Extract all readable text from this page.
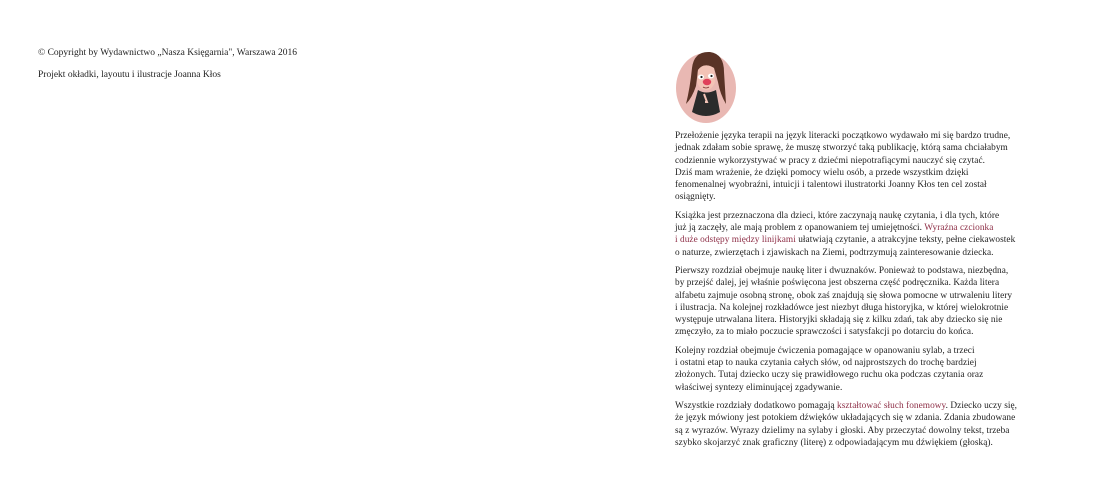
© Copyright by Wydawnictwo „Nasza Księgarnia", Warszawa 2016
Projekt okładki, layoutu i ilustracje Joanna Kłos

Przełożenie języka terapii na język literacki początkowo wydawało mi się bardzo trudne,
jednak zdałam sobie sprawę, że muszę stworzyć taką publikację, którą sama chciałabym
codziennie wykorzystywać w pracy z dziećmi niepotrafiącymi nauczyć się czytać.
Dziś mam wrażenie, że dzięki pomocy wielu osób, a przede wszystkim dzięki
fenomenalnej wyobraźni, intuicji i talentowi ilustratorki Joanny Kłos ten cel został
osiągnięty.

Książka jest przeznaczona dla dzieci, które zaczynają naukę czytania, i dla tych, które
już ją zaczęły, ale mają problem z opanowaniem tej umiejętności. Wyraźna czcionka
i duże odstępy między linijkami ułatwiają czytanie, a atrakcyjne teksty, pełne ciekawostek
o naturze, zwierzętach i zjawiskach na Ziemi, podtrzymują zainteresowanie dziecka.

Pierwszy rozdział obejmuje naukę liter i dwuznaków. Ponieważ to podstawa, niezbędna,
by przejść dalej, jej właśnie poświęcona jest obszerna część podręcznika. Każda litera
alfabetu zajmuje osobną stronę, obok zaś znajdują się słowa pomocne w utrwaleniu litery
i ilustracja. Na kolejnej rozkładówce jest niezbyt długa historyjka, w której wielokrotnie
występuje utrwalana litera. Historyjki składają się z kilku zdań, tak aby dziecko się nie
zmęczyło, za to miało poczucie sprawczości i satysfakcji po dotarciu do końca.

Kolejny rozdział obejmuje ćwiczenia pomagające w opanowaniu sylab, a trzeci
i ostatni etap to nauka czytania całych słów, od najprostszych do trochę bardziej
złożonych. Tutaj dziecko uczy się prawidłowego ruchu oka podczas czytania oraz
właściwej syntezy eliminującej zgadywanie.

Wszystkie rozdziały dodatkowo pomagają kształtować słuch fonemowy. Dziecko uczy się,
że język mówiony jest potokiem dźwięków układających się w zdania. Zdania zbudowane
są z wyrazów. Wyrazy dzielimy na sylaby i głoski. Aby przeczytać dowolny tekst, trzeba
szybko skojarzyć znak graficzny (literę) z odpowiadającym mu dźwiękiem (głoską).
